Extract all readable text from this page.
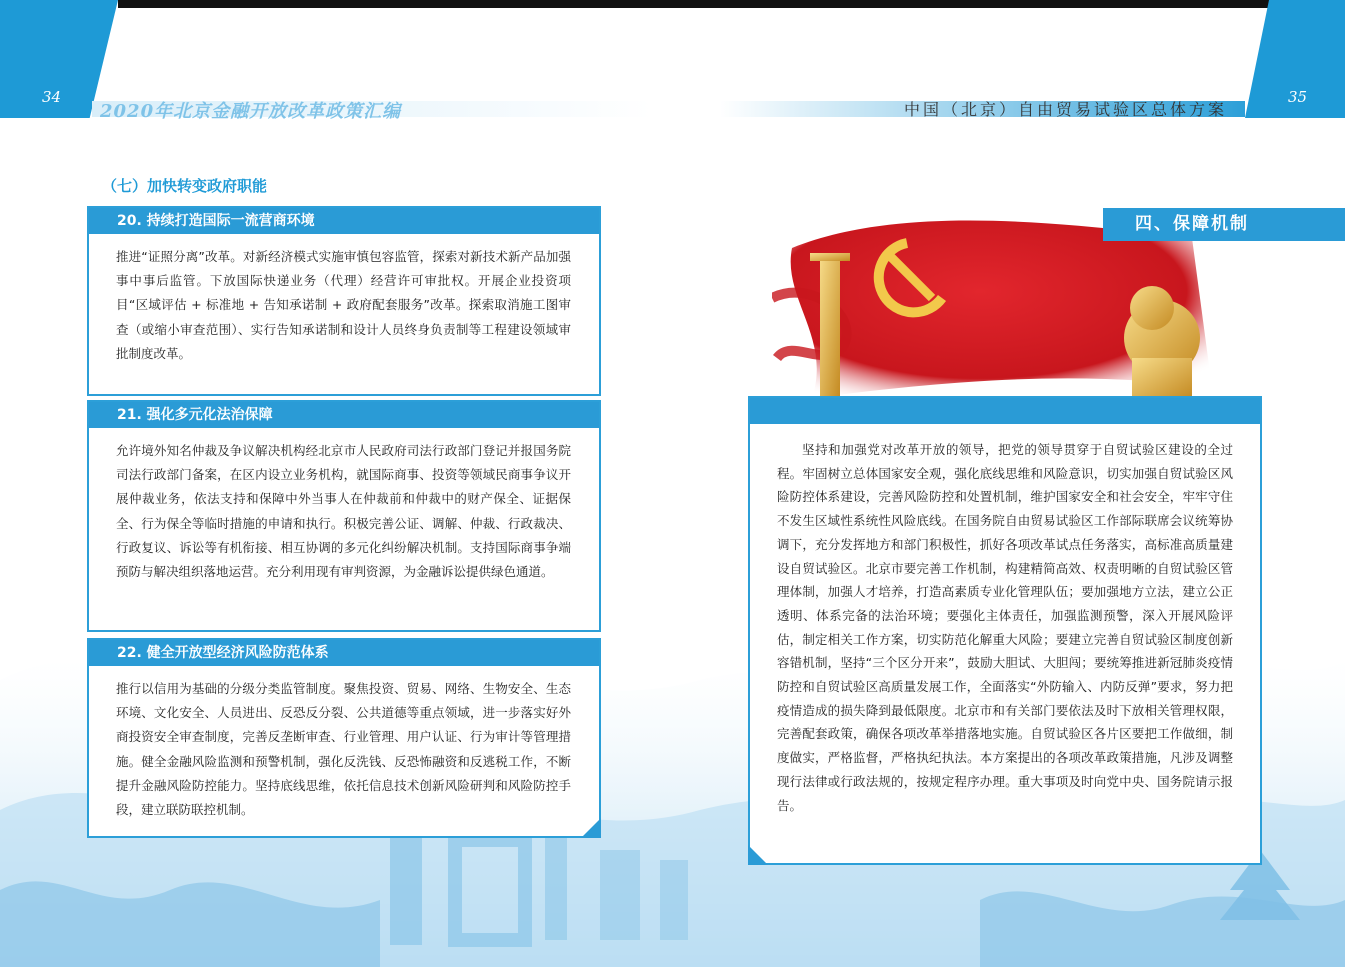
34	35
2020年北京金融开放改革政策汇编	中国（北京）自由贸易试验区总体方案
（七）加快转变政府职能
20. 持续打造国际一流营商环境
推进“证照分离”改革。对新经济模式实施审慎包容监管，探索对新技术新产品加强事中事后监管。下放国际快递业务（代理）经营许可审批权。开展企业投资项目“区域评估 + 标准地 + 告知承诺制 + 政府配套服务”改革。探索取消施工图审查（或缩小审查范围）、实行告知承诺制和设计人员终身负责制等工程建设领域审批制度改革。
21. 强化多元化法治保障
允许境外知名仲裁及争议解决机构经北京市人民政府司法行政部门登记并报国务院司法行政部门备案，在区内设立业务机构，就国际商事、投资等领域民商事争议开展仲裁业务，依法支持和保障中外当事人在仲裁前和仲裁中的财产保全、证据保全、行为保全等临时措施的申请和执行。积极完善公证、调解、仲裁、行政裁决、行政复议、诉讼等有机衔接、相互协调的多元化纠纷解决机制。支持国际商事争端预防与解决组织落地运营。充分利用现有审判资源，为金融诉讼提供绿色通道。
22. 健全开放型经济风险防范体系
推行以信用为基础的分级分类监管制度。聚焦投资、贸易、网络、生物安全、生态环境、文化安全、人员进出、反恐反分裂、公共道德等重点领域，进一步落实好外商投资安全审查制度，完善反垄断审查、行业管理、用户认证、行为审计等管理措施。健全金融风险监测和预警机制，强化反洗钱、反恐怖融资和反逃税工作，不断提升金融风险防控能力。坚持底线思维，依托信息技术创新风险研判和风险防控手段，建立联防联控机制。
四、保障机制
坚持和加强党对改革开放的领导，把党的领导贯穿于自贸试验区建设的全过程。牢固树立总体国家安全观，强化底线思维和风险意识，切实加强自贸试验区风险防控体系建设，完善风险防控和处置机制，维护国家安全和社会安全，牢牢守住不发生区域性系统性风险底线。在国务院自由贸易试验区工作部际联席会议统筹协调下，充分发挥地方和部门积极性，抓好各项改革试点任务落实，高标准高质量建设自贸试验区。北京市要完善工作机制，构建精简高效、权责明晰的自贸试验区管理体制，加强人才培养，打造高素质专业化管理队伍；要加强地方立法，建立公正透明、体系完备的法治环境；要强化主体责任，加强监测预警，深入开展风险评估，制定相关工作方案，切实防范化解重大风险；要建立完善自贸试验区制度创新容错机制，坚持“三个区分开来”，鼓励大胆试、大胆闯；要统筹推进新冠肺炎疫情防控和自贸试验区高质量发展工作，全面落实“外防输入、内防反弹”要求，努力把疫情造成的损失降到最低限度。北京市和有关部门要依法及时下放相关管理权限，完善配套政策，确保各项改革举措落地实施。自贸试验区各片区要把工作做细，制度做实，严格监督，严格执纪执法。本方案提出的各项改革政策措施，凡涉及调整现行法律或行政法规的，按规定程序办理。重大事项及时向党中央、国务院请示报告。
